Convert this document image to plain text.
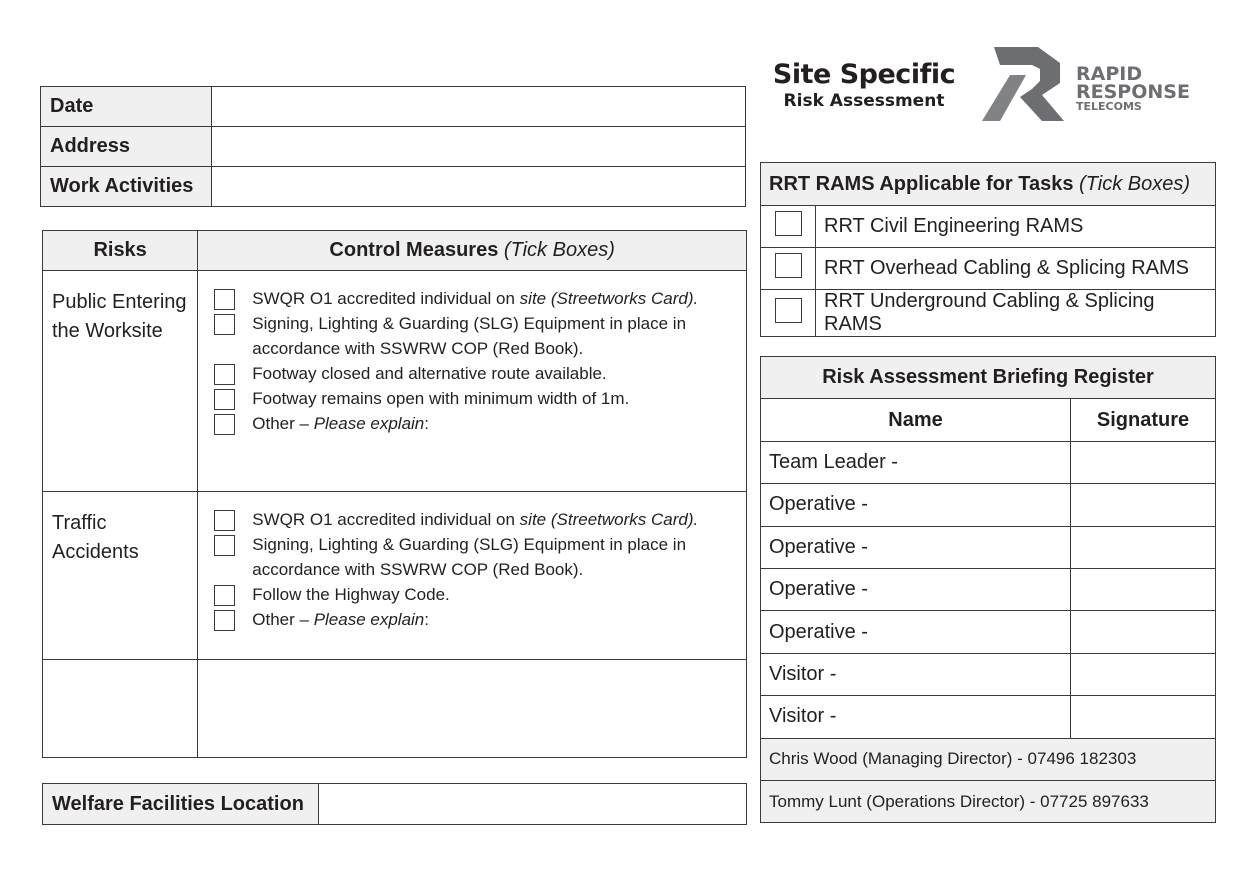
Site Specific
Risk Assessment
RAPID
RESPONSE
TELECOMS
Date	
Address	
Work Activities	
Risks	Control Measures (Tick Boxes)
Public Entering the Worksite	SWQR O1 accredited individual on site (Streetworks Card).
Signing, Lighting & Guarding (SLG) Equipment in place in accordance with SSWRW COP (Red Book).
Footway closed and alternative route available.
Footway remains open with minimum width of 1m.
Other – Please explain:

Traffic Accidents	SWQR O1 accredited individual on site (Streetworks Card).
Signing, Lighting & Guarding (SLG) Equipment in place in accordance with SSWRW COP (Red Book).
Follow the Highway Code.
Other – Please explain:

RRT RAMS Applicable for Tasks (Tick Boxes)	
	RRT Civil Engineering RAMS
	RRT Overhead Cabling & Splicing RAMS
	RRT Underground Cabling & Splicing RAMS
Risk Assessment Briefing Register	
Name	Signature
Team Leader -	
Operative -	
Operative -	
Operative -	
Operative -	
Visitor -	
Visitor -	
Chris Wood (Managing Director) - 07496 182303	
Tommy Lunt (Operations Director) - 07725 897633	
Welfare Facilities Location	
